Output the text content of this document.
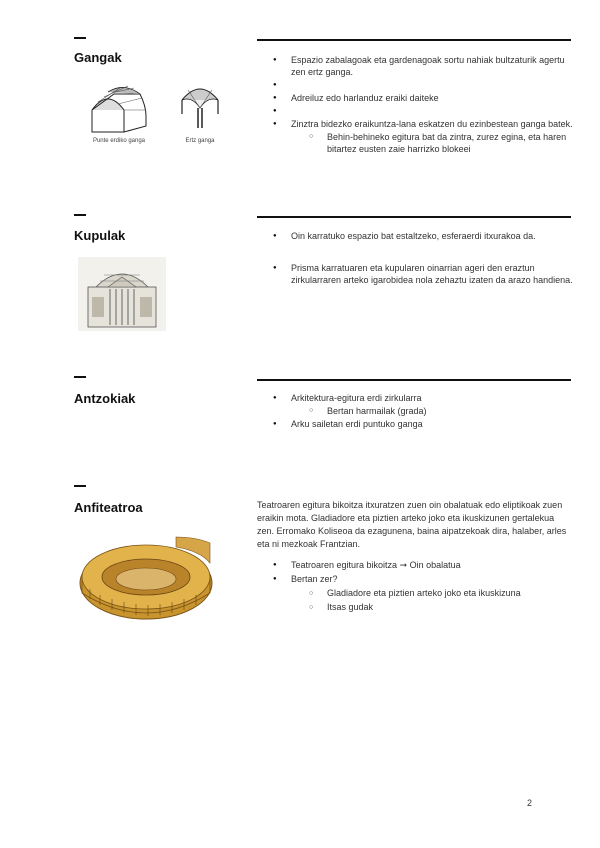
Gangak
Punte erdiko ganga	Ertz ganga
● Espazio zabalagoak eta gardenagoak sortu nahiak bultzaturik agertu zen ertz ganga.
●
● Adreiluz edo harlanduz eraiki daiteke
●
● Zinztra bidezko eraikuntza-lana eskatzen du ezinbestean ganga batek.
○ Behin-behineko egitura bat da zintra, zurez egina, eta haren bitartez eusten zaie harrizko blokeei
Kupulak	● Oin karratuko espazio bat estaltzeko, esferaerdi itxurakoa da.
● Prisma karratuaren eta kupularen oinarrian ageri den eraztun zirkularraren arteko igarobidea nola zehaztu izaten da arazo handiena.
Antzokiak	● Arkitektura-egitura erdi zirkularra
○ Bertan harmailak (grada)
● Arku sailetan erdi puntuko ganga
Anfiteatroa	Teatroaren egitura bikoitza itxuratzen zuen oin obalatuak edo eliptikoak zuen eraikin mota. Gladiadore eta piztien arteko joko eta ikuskizunen gertalekua zen. Erromako Koliseoa da ezagunena, baina aipatzekoak dira, halaber, arles eta ni mezkoak Frantzian.

● Teatroaren egitura bikoitza ➞ Oin obalatua
● Bertan zer?
○ Gladiadore eta piztien arteko joko eta ikuskizuna
○ Itsas gudak
2
